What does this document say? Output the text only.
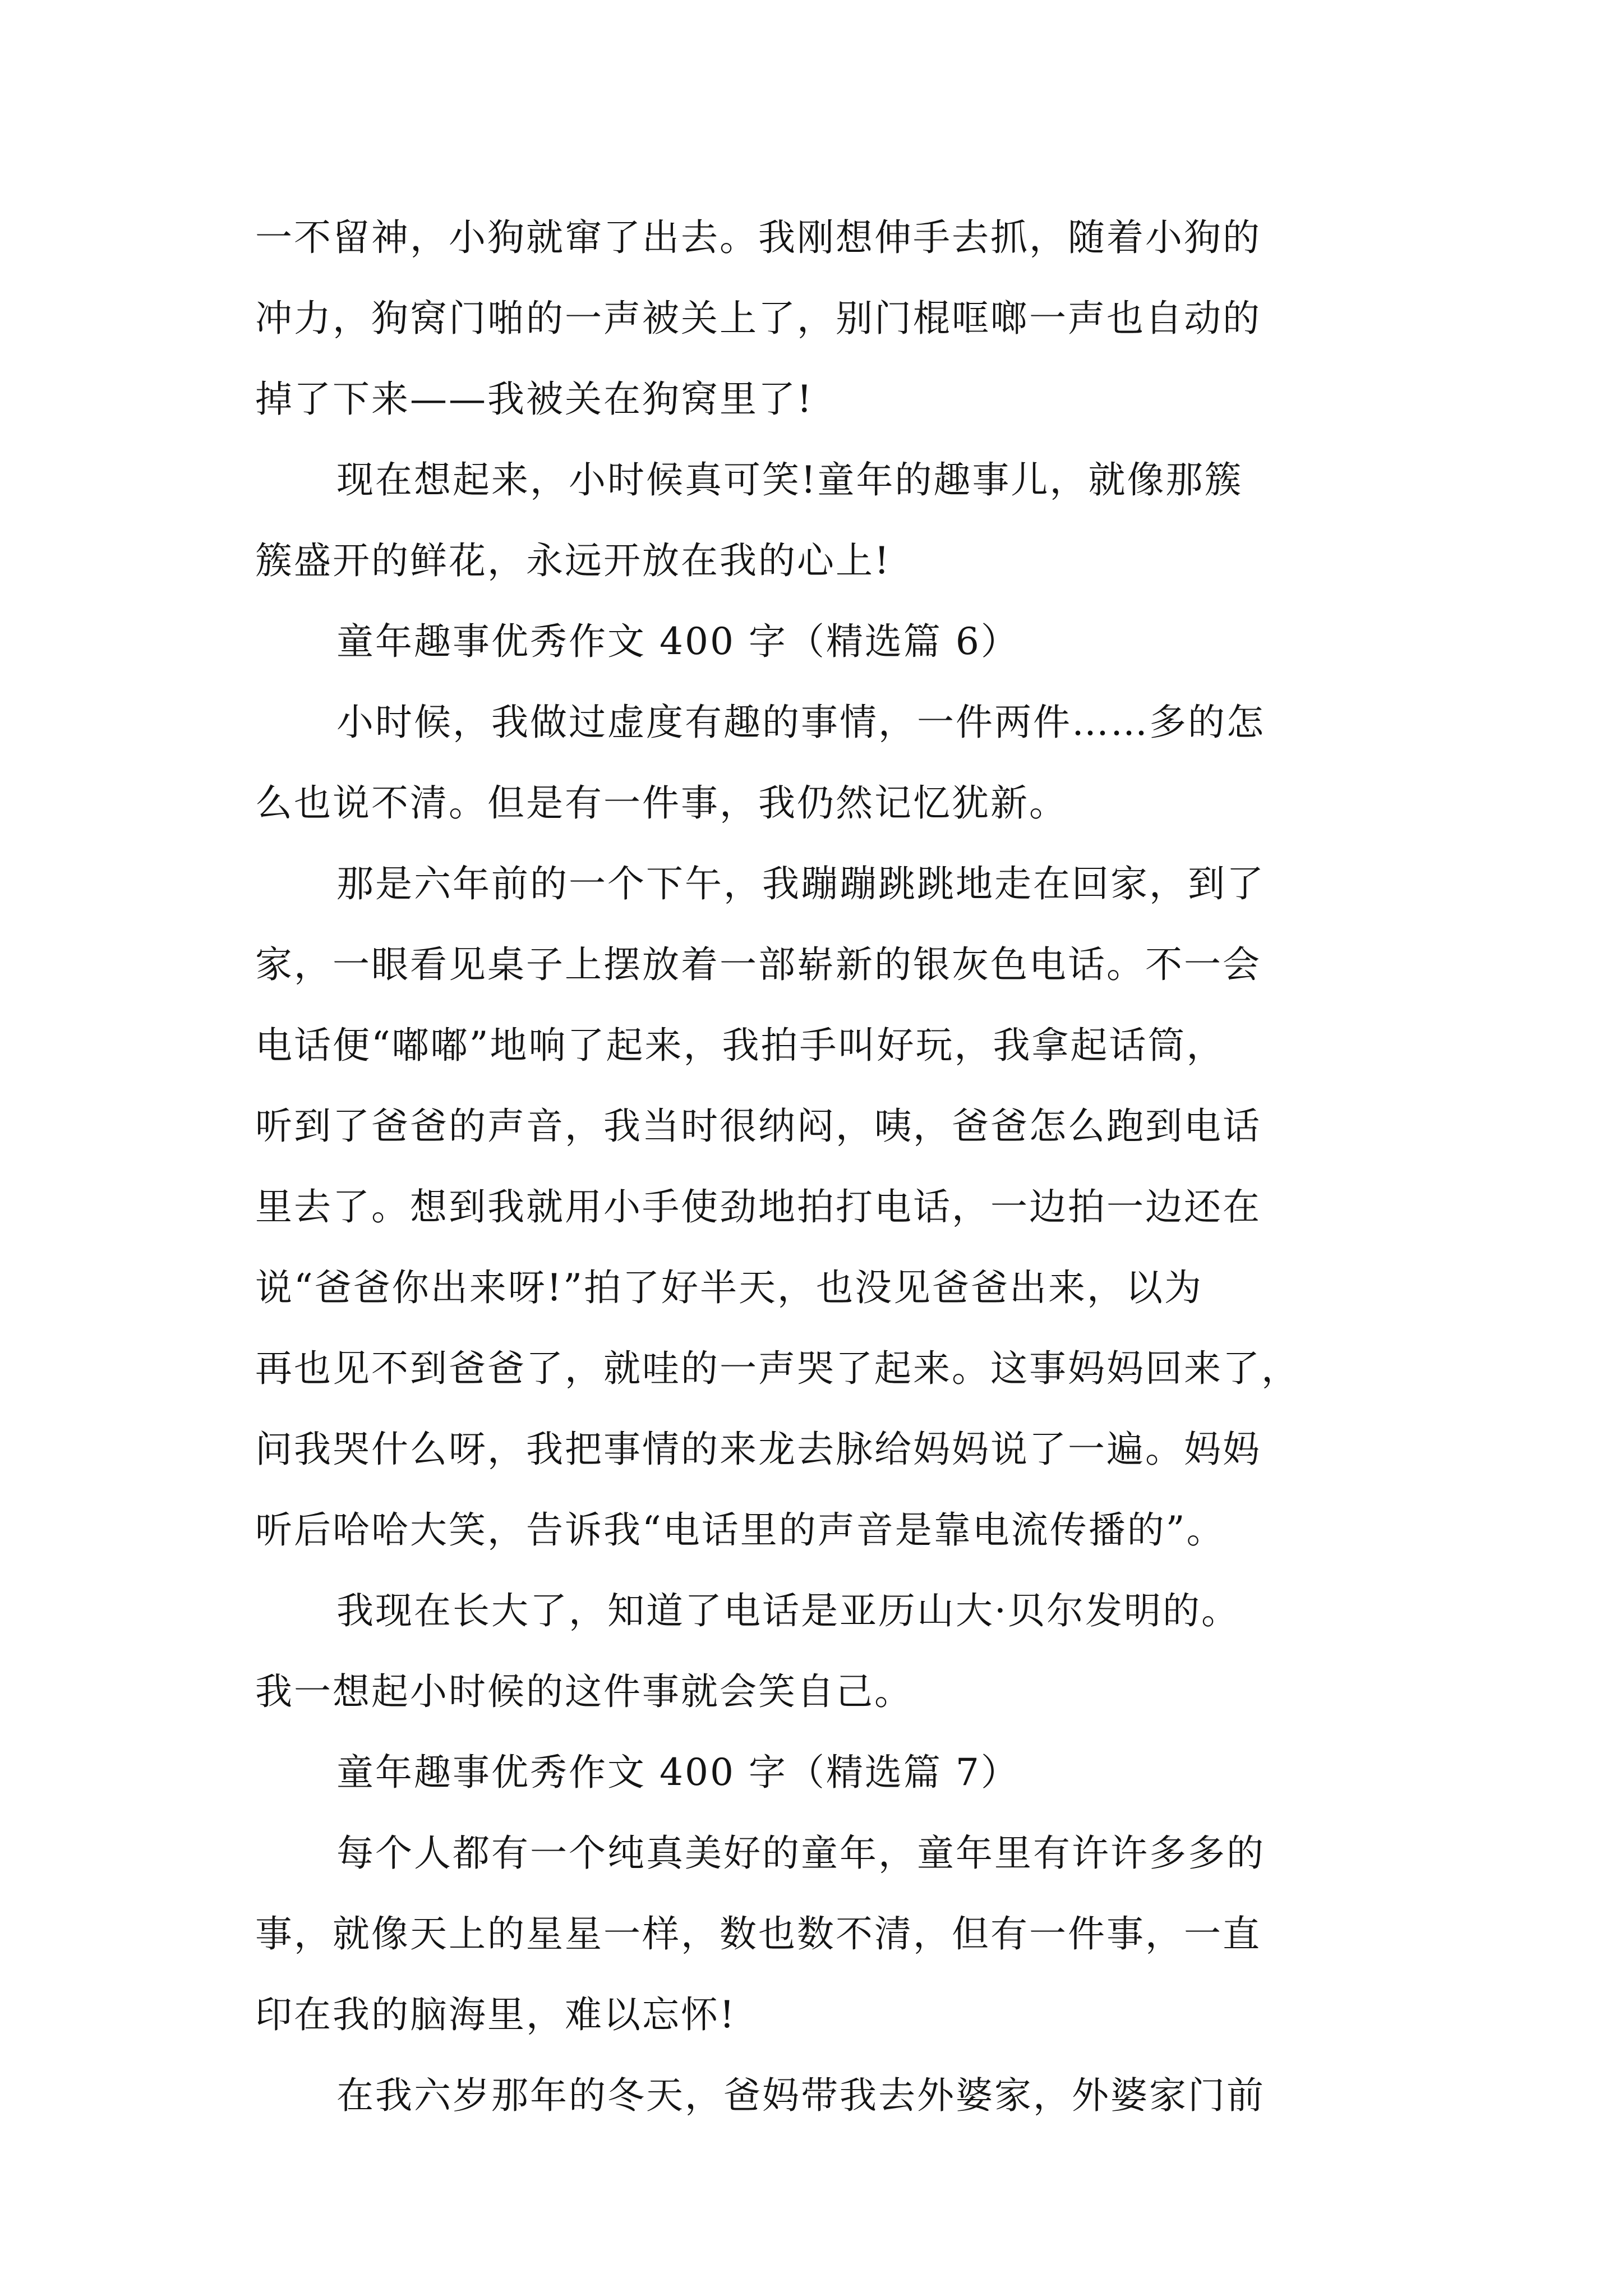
一不留神，小狗就窜了出去。我刚想伸手去抓，随着小狗的
冲力，狗窝门啪的一声被关上了，别门棍哐啷一声也自动的
掉了下来——我被关在狗窝里了!
现在想起来，小时候真可笑!童年的趣事儿，就像那簇
簇盛开的鲜花，永远开放在我的心上!
童年趣事优秀作文 400 字（精选篇 6）
小时候，我做过虚度有趣的事情，一件两件……多的怎
么也说不清。但是有一件事，我仍然记忆犹新。
那是六年前的一个下午，我蹦蹦跳跳地走在回家，到了
家，一眼看见桌子上摆放着一部崭新的银灰色电话。不一会
电话便“嘟嘟”地响了起来，我拍手叫好玩，我拿起话筒，
听到了爸爸的声音，我当时很纳闷，咦，爸爸怎么跑到电话
里去了。想到我就用小手使劲地拍打电话，一边拍一边还在
说“爸爸你出来呀!”拍了好半天，也没见爸爸出来，以为
再也见不到爸爸了，就哇的一声哭了起来。这事妈妈回来了，
问我哭什么呀，我把事情的来龙去脉给妈妈说了一遍。妈妈
听后哈哈大笑，告诉我“电话里的声音是靠电流传播的”。
我现在长大了，知道了电话是亚历山大·贝尔发明的。
我一想起小时候的这件事就会笑自己。
童年趣事优秀作文 400 字（精选篇 7）
每个人都有一个纯真美好的童年，童年里有许许多多的
事，就像天上的星星一样，数也数不清，但有一件事，一直
印在我的脑海里，难以忘怀!
在我六岁那年的冬天，爸妈带我去外婆家，外婆家门前
